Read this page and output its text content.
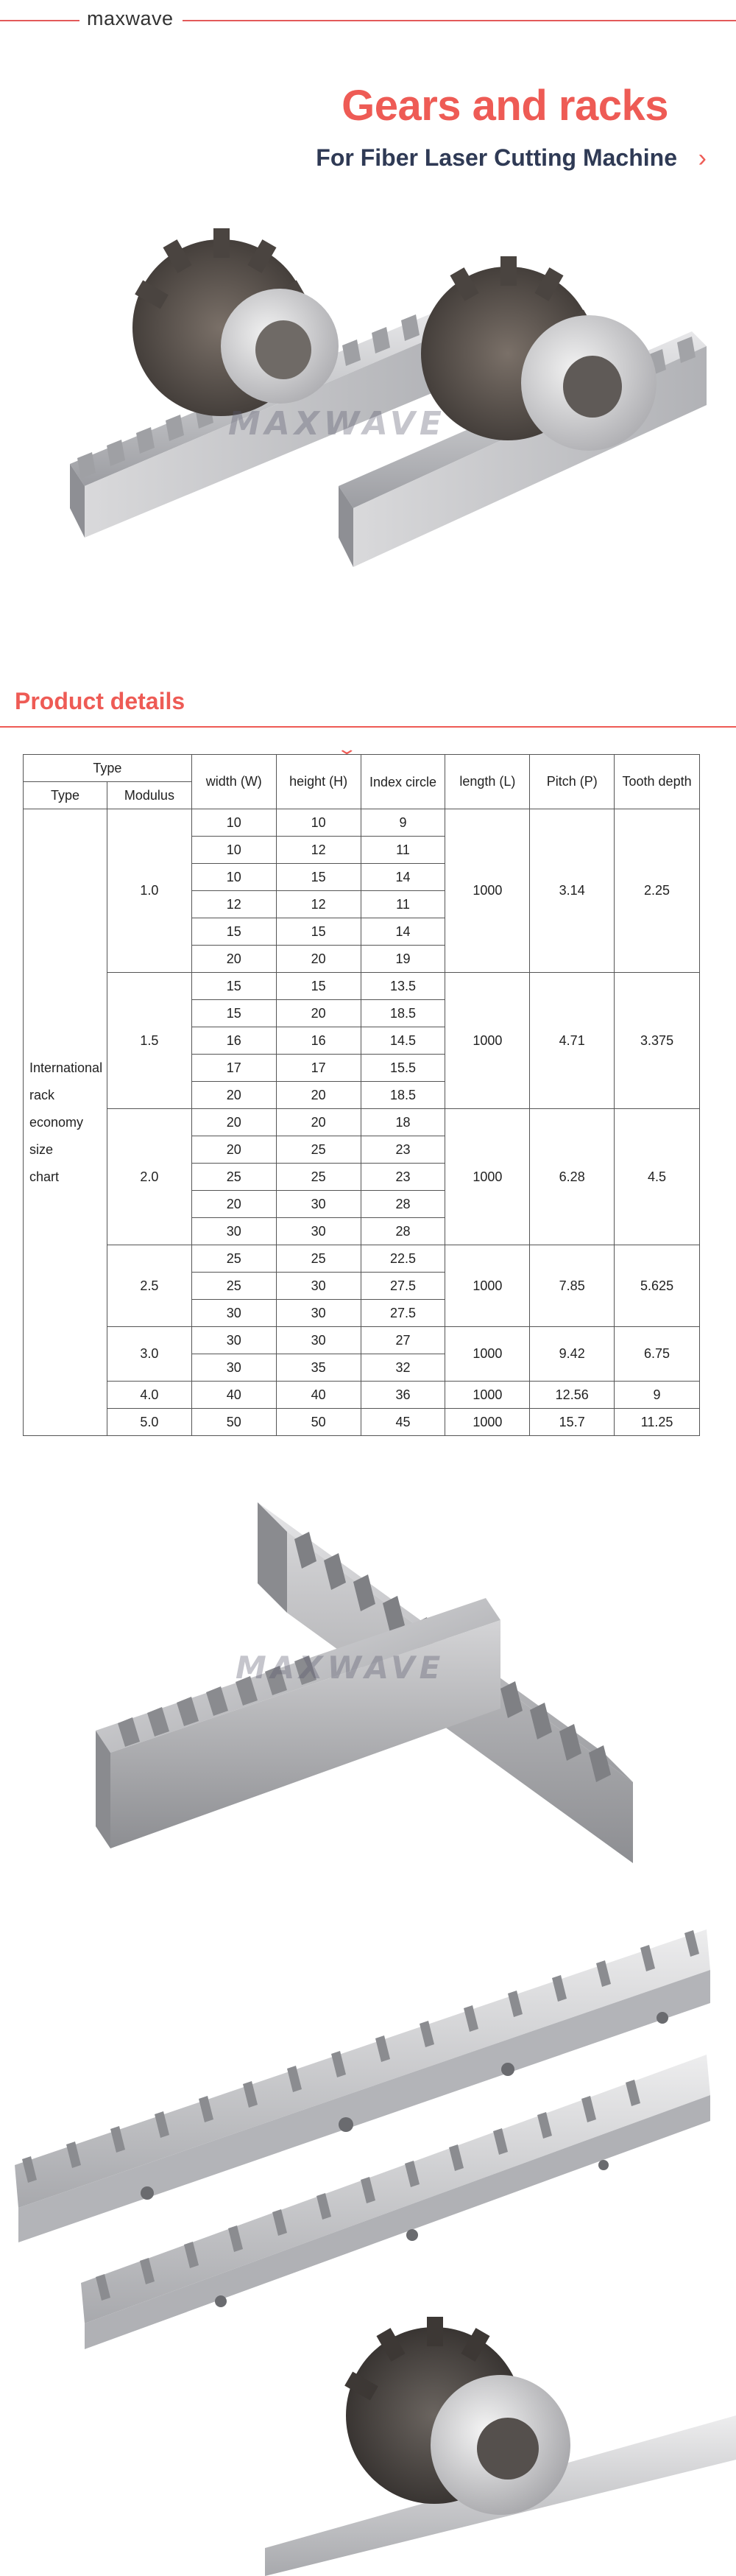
maxwave
Gears and racks
For Fiber Laser Cutting Machine ›
MAXWAVE
Product details
⌄
Type		width (W)	height (H)	Index circle	length (L)	Pitch (P)	Tooth depth
Type	Modulus						

International
rack
economy
size
chart	1.0	10	10	9	1000	3.14	2.25
		10	12	11			
		10	15	14			
		12	12	11			
		15	15	14			
		20	20	19			
	1.5	15	15	13.5	1000	4.71	3.375
		15	20	18.5			
		16	16	14.5			
		17	17	15.5			
		20	20	18.5			
	2.0	20	20	18	1000	6.28	4.5
		20	25	23			
		25	25	23			
		20	30	28			
		30	30	28			
	2.5	25	25	22.5	1000	7.85	5.625
		25	30	27.5			
		30	30	27.5			
	3.0	30	30	27	1000	9.42	6.75
		30	35	32			
	4.0	40	40	36	1000	12.56	9
	5.0	50	50	45	1000	15.7	11.25
MAXWAVE
